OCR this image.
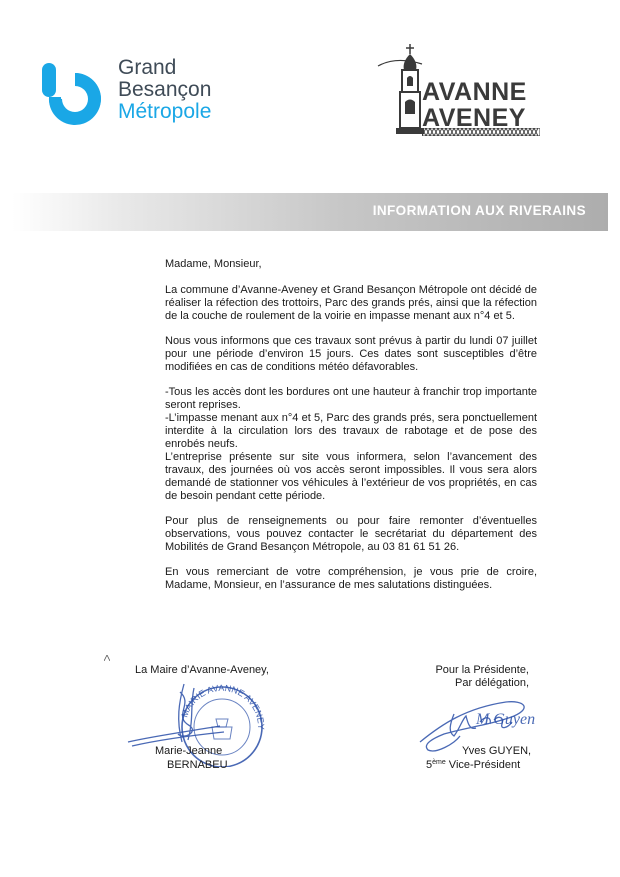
Grand
Besançon
Métropole
AVANNE
AVENEY
INFORMATION AUX RIVERAINS

Madame, Monsieur,

La commune d’Avanne-Aveney et Grand Besançon Métropole ont décidé de réaliser la réfection des trottoirs, Parc des grands prés, ainsi que la réfection de la couche de roulement de la voirie en impasse menant aux n°4 et 5.

Nous vous informons que ces travaux sont prévus à partir du lundi 07 juillet pour une période d’environ 15 jours. Ces dates sont susceptibles d’être modifiées en cas de conditions météo défavorables.

-Tous les accès dont les bordures ont une hauteur à franchir trop importante seront reprises.

-L’impasse menant aux n°4 et 5, Parc des grands prés, sera ponctuellement interdite à la circulation lors des travaux de rabotage et de pose des enrobés neufs.

L’entreprise présente sur site vous informera, selon l’avancement des travaux, des journées où vos accès seront impossibles. Il vous sera alors demandé de stationner vos véhicules à l’extérieur de vos propriétés, en cas de besoin pendant cette période.

Pour plus de renseignements ou pour faire remonter d’éventuelles observations, vous pouvez contacter le secrétariat du département des Mobilités de Grand Besançon Métropole, au 03 81 61 51 26.

En vous remerciant de votre compréhension, je vous prie de croire, Madame, Monsieur, en l’assurance de mes salutations distinguées.

La Maire d’Avanne-Aveney,
MAIRIE AVANNE AVENEY
Marie-Jeanne
BERNABEU
Pour la Présidente,
Par délégation,
M Guyen
Yves GUYEN,
5ème Vice-Président
